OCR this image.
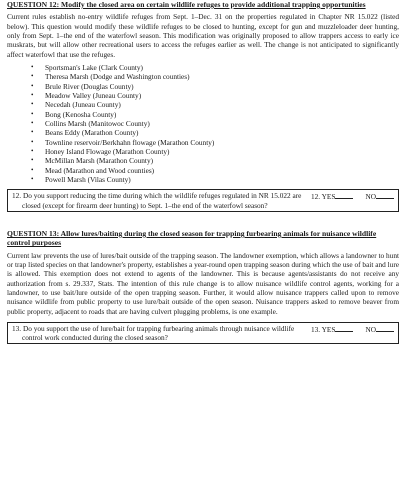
QUESTION 12: Modify the closed area on certain wildlife refuges to provide additional trapping opportunities

Current rules establish no-entry wildlife refuges from Sept. 1–Dec. 31 on the properties regulated in Chapter NR 15.022 (listed below). This question would modify these wildlife refuges to be closed to hunting, except for gun and muzzleloader deer hunting, only from Sept. 1–the end of the waterfowl season. This modification was originally proposed to allow trappers access to early ice muskrats, but will allow other recreational users to access the refuges earlier as well. The change is not anticipated to significantly affect waterfowl that use the refuges.

•	Sportsman's Lake (Clark County)
•	Theresa Marsh (Dodge and Washington counties)
•	Brule River (Douglas County)
•	Meadow Valley (Juneau County)
•	Necedah (Juneau County)
•	Bong (Kenosha County)
•	Collins Marsh (Manitowoc County)
•	Beans Eddy (Marathon County)
•	Townline reservoir/Berkhahn flowage (Marathon County)
•	Honey Island Flowage (Marathon County)
•	McMillan Marsh (Marathon County)
•	Mead (Marathon and Wood counties)
•	Powell Marsh (Vilas County)
12. Do you support reducing the time during which the wildlife refuges regulated in NR 15.022 are closed (except for firearm deer hunting) to Sept. 1–the end of the waterfowl season?
12. YES	NO

QUESTION 13: Allow lures/baiting during the closed season for trapping furbearing animals for nuisance wildlife control purposes

Current law prevents the use of lures/bait outside of the trapping season. The landowner exemption, which allows a landowner to hunt or trap listed species on that landowner's property, establishes a year-round open trapping season during which the use of bait and lure is allowed. This exemption does not extend to agents of the landowner. This is because agents/assistants do not receive any authorization from s. 29.337, Stats. The intention of this rule change is to allow nuisance wildlife control agents, working for a landowner, to use bait/lure outside of the open trapping season. Further, it would allow nuisance trappers called upon to remove nuisance wildlife from public property to use lure/bait outside of the open season. Nuisance trappers asked to remove beaver from public property, adjacent to roads that are having culvert plugging problems, is one example.

13. Do you support the use of lure/bait for trapping furbearing animals through nuisance wildlife control work conducted during the closed season?
13. YES	NO
